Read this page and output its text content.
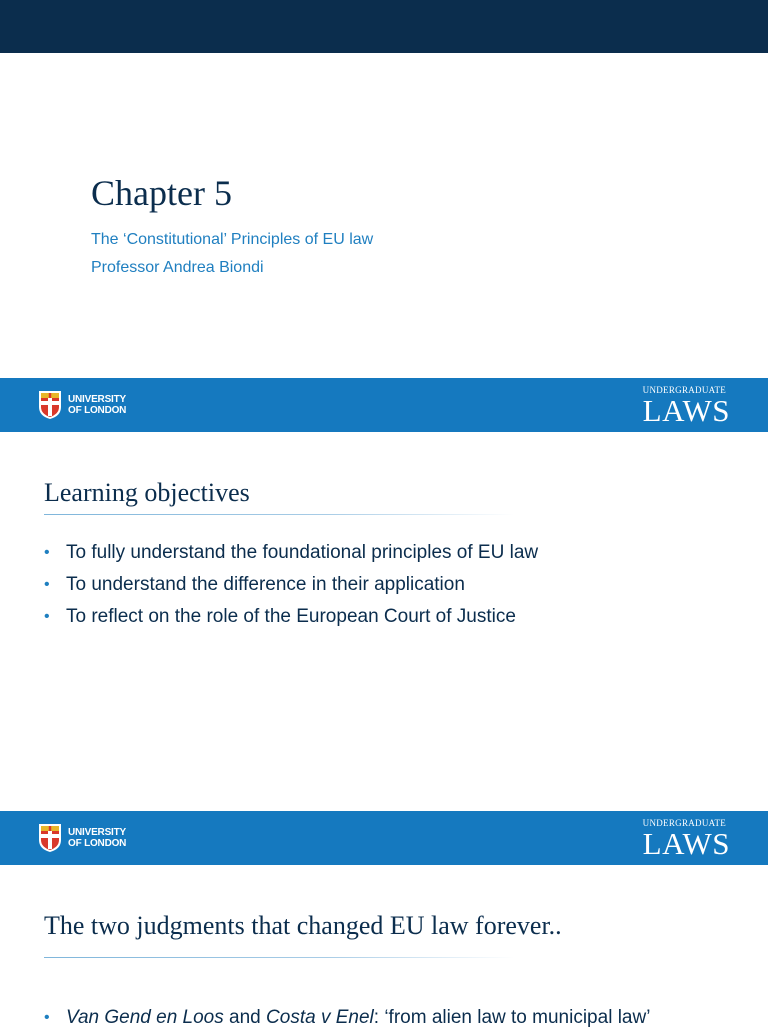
Chapter 5
The ‘Constitutional’ Principles of EU law
Professor Andrea Biondi
UNIVERSITY
OF LONDON
UNDERGRADUATE
LAWS
Learning objectives
• To fully understand the foundational principles of EU law
• To understand the difference in their application
• To reflect on the role of the European Court of Justice
UNIVERSITY
OF LONDON
UNDERGRADUATE
LAWS
The two judgments that changed EU law forever..
• Van Gend en Loos and Costa v Enel: ‘from alien law to municipal law’
